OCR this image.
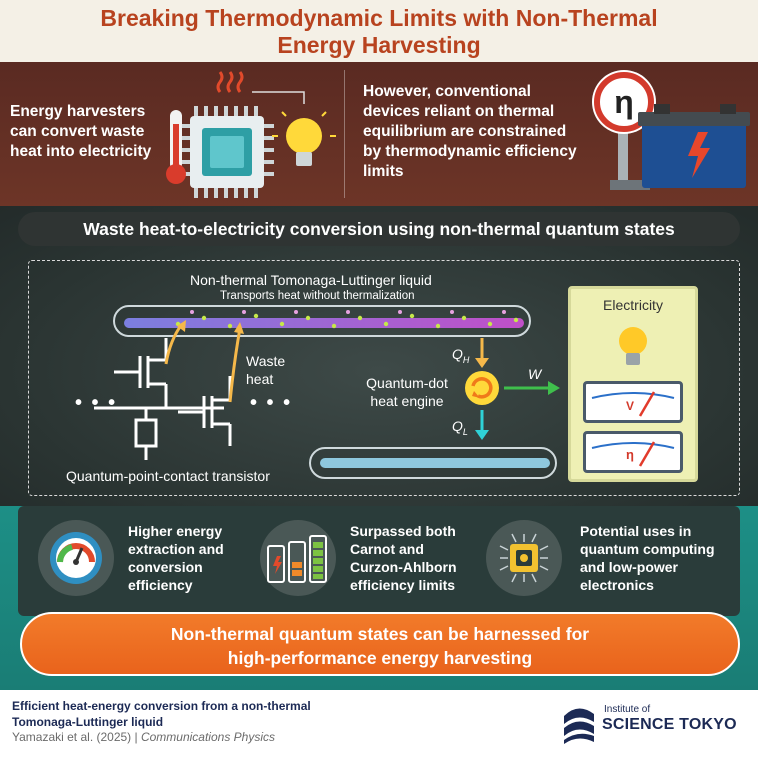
Breaking Thermodynamic Limits with Non-Thermal
Energy Harvesting
Energy harvesters can convert waste heat into electricity
However, conventional devices reliant on thermal equilibrium are constrained by thermodynamic efficiency limits
η
Waste heat-to-electricity conversion using non-thermal quantum states
Non-thermal Tomonaga-Luttinger liquid
Transports heat without thermalization
Waste heat
• • •	• • •
Quantum-point-contact transistor
$Q_H$
$Q_L$
Quantum-dot heat engine
W
Electricity
V
η
Higher energy extraction and conversion efficiency
Surpassed both Carnot and Curzon-Ahlborn efficiency limits
Potential uses in quantum computing and low-power electronics
Non-thermal quantum states can be harnessed for
high-performance energy harvesting
Efficient heat-energy conversion from a non-thermal
Tomonaga-Luttinger liquid
Yamazaki et al. (2025) | Communications Physics
Institute of
SCIENCE TOKYO
